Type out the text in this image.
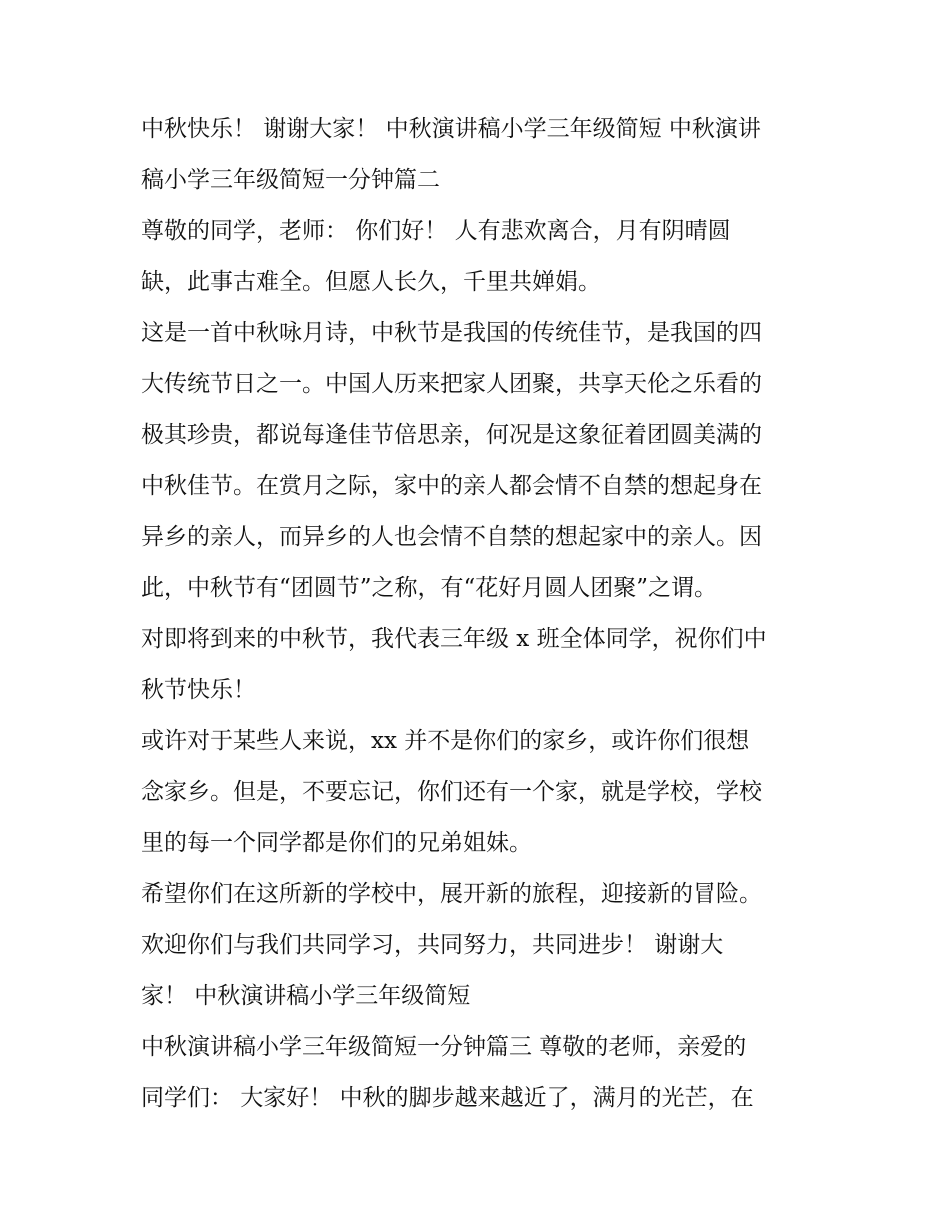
中秋快乐！ 谢谢大家！ 中秋演讲稿小学三年级简短 中秋演讲
稿小学三年级简短一分钟篇二
尊敬的同学，老师： 你们好！ 人有悲欢离合，月有阴晴圆
缺，此事古难全。但愿人长久，千里共婵娟。
这是一首中秋咏月诗，中秋节是我国的传统佳节，是我国的四
大传统节日之一。中国人历来把家人团聚，共享天伦之乐看的
极其珍贵，都说每逢佳节倍思亲，何况是这象征着团圆美满的
中秋佳节。在赏月之际，家中的亲人都会情不自禁的想起身在
异乡的亲人，而异乡的人也会情不自禁的想起家中的亲人。因
此，中秋节有“团圆节”之称，有“花好月圆人团聚”之谓。
对即将到来的中秋节，我代表三年级 x 班全体同学，祝你们中
秋节快乐！
或许对于某些人来说，xx 并不是你们的家乡，或许你们很想
念家乡。但是，不要忘记，你们还有一个家，就是学校，学校
里的每一个同学都是你们的兄弟姐妹。
希望你们在这所新的学校中，展开新的旅程，迎接新的冒险。
欢迎你们与我们共同学习，共同努力，共同进步！ 谢谢大
家！ 中秋演讲稿小学三年级简短
中秋演讲稿小学三年级简短一分钟篇三 尊敬的老师，亲爱的
同学们： 大家好！ 中秋的脚步越来越近了，满月的光芒，在
